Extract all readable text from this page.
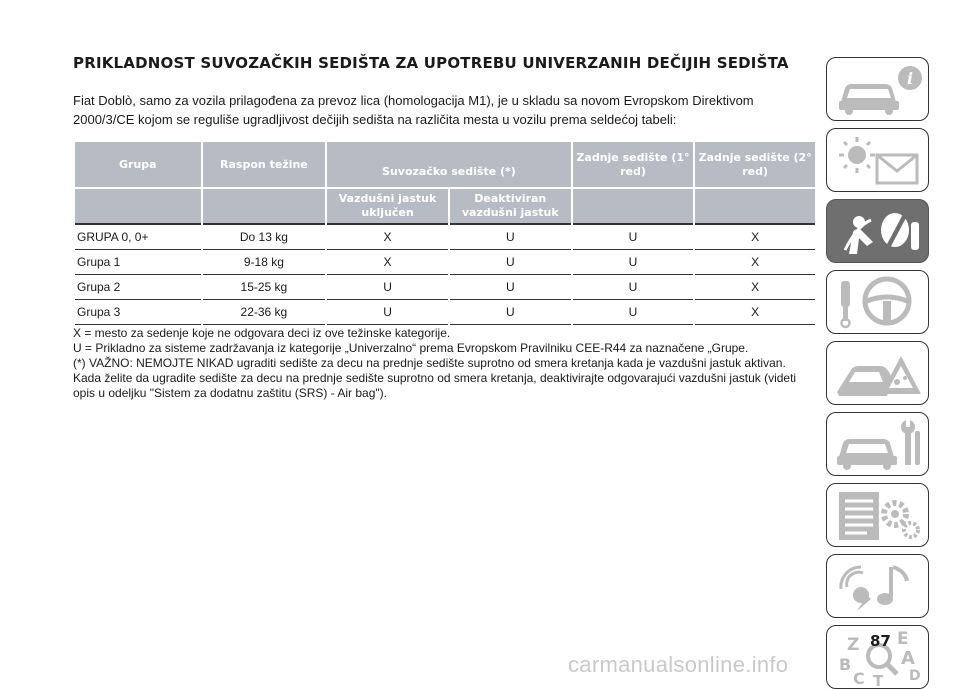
PRIKLADNOST SUVOZAČKIH SEDIŠTA ZA UPOTREBU UNIVERZANIH DEČIJIH SEDIŠTA

Fiat Doblò, samo za vozila prilagođena za prevoz lica (homologacija M1), je u skladu sa novom Evropskom Direktivom 2000/3/CE kojom se reguliše ugradljivost dečijih sedišta na različita mesta u vozilu prema seldećoj tabeli:

Grupa	Raspon težine	Suvozačko sedište (*)		Zadnje sedište (1° red)	Zadnje sedište (2° red)
		Vazdušni jastuk uključen	Deaktiviran vazdušni jastuk		
GRUPA 0, 0+	Do 13 kg	X	U	U	X
Grupa 1	9-18 kg	X	U	U	X
Grupa 2	15-25 kg	U	U	U	X
Grupa 3	22-36 kg	U	U	U	X

X = mesto za sedenje koje ne odgovara deci iz ove težinske kategorije.

U = Prikladno za sisteme zadržavanja iz kategorije „Univerzalno“ prema Evropskom Pravilniku CEE-R44 za naznačene „Grupe.

(*) VAŽNO: NEMOJTE NIKAD ugraditi sedište za decu na prednje sedište suprotno od smera kretanja kada je vazdušni jastuk aktivan. Kada želite da ugradite sedište za decu na prednje sedište suprotno od smera kretanja, deaktivirajte odgovarajući vazdušni jastuk (videti opis u odeljku "Sistem za dodatnu zaštitu (SRS) - Air bag").

i
Z E
A
B
D
C T
87
carmanualsonline.info
